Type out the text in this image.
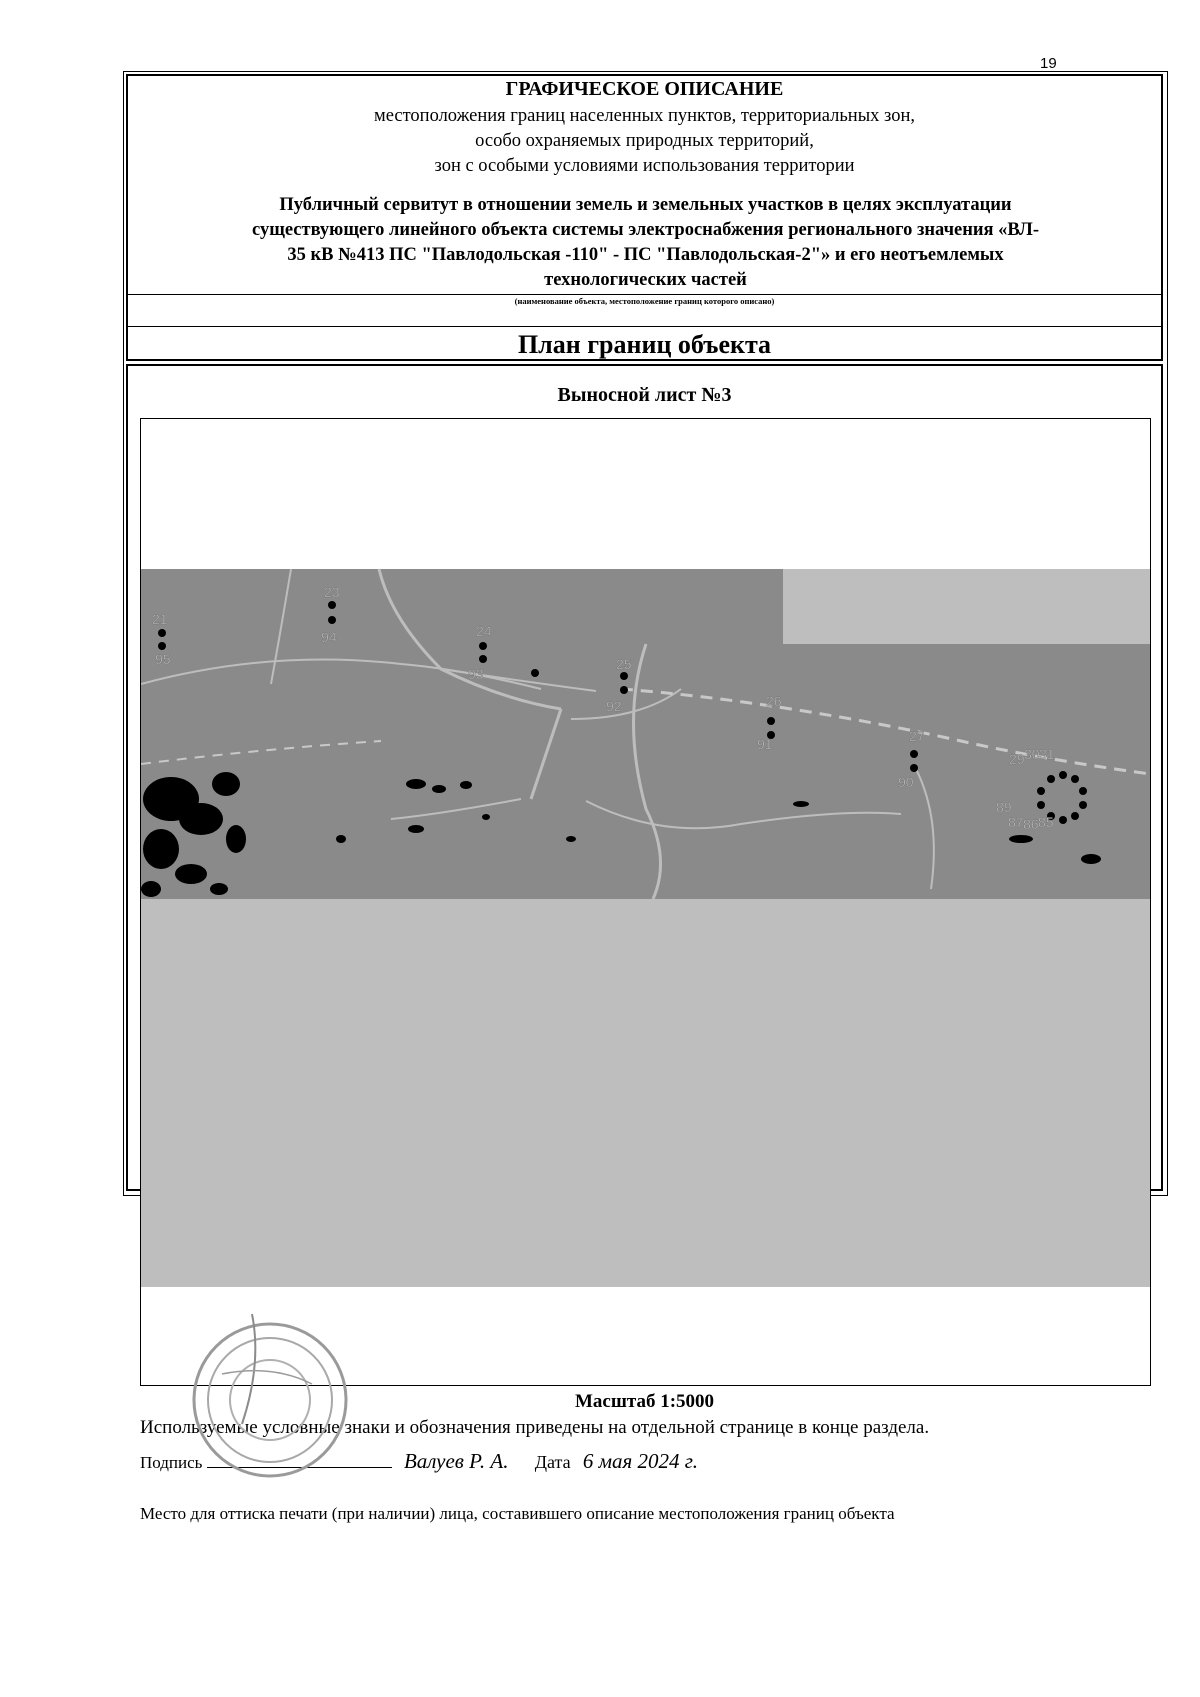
19
ГРАФИЧЕСКОЕ ОПИСАНИЕ
местоположения границ населенных пунктов, территориальных зон,
особо охраняемых природных территорий,
зон с особыми условиями использования территории
Публичный сервитут в отношении земель и земельных участков в целях эксплуатации
существующего линейного объекта системы электроснабжения регионального значения «ВЛ-
35 кВ №413 ПС "Павлодольская -110" - ПС "Павлодольская-2"» и его неотъемлемых
технологических частей
(наименование объекта, местоположение границ которого описано)
План границ объекта
Выносной лист №3
23
94
21
95
24
93
25
92	26
91	27
90
29 30 31
89
87 86 85
Масштаб 1:5000
Используемые условные знаки и обозначения приведены на отдельной странице в конце раздела.
Подпись	Валуев Р. А. Дата 6 мая 2024 г.
Место для оттиска печати (при наличии) лица, составившего описание местоположения границ объекта
